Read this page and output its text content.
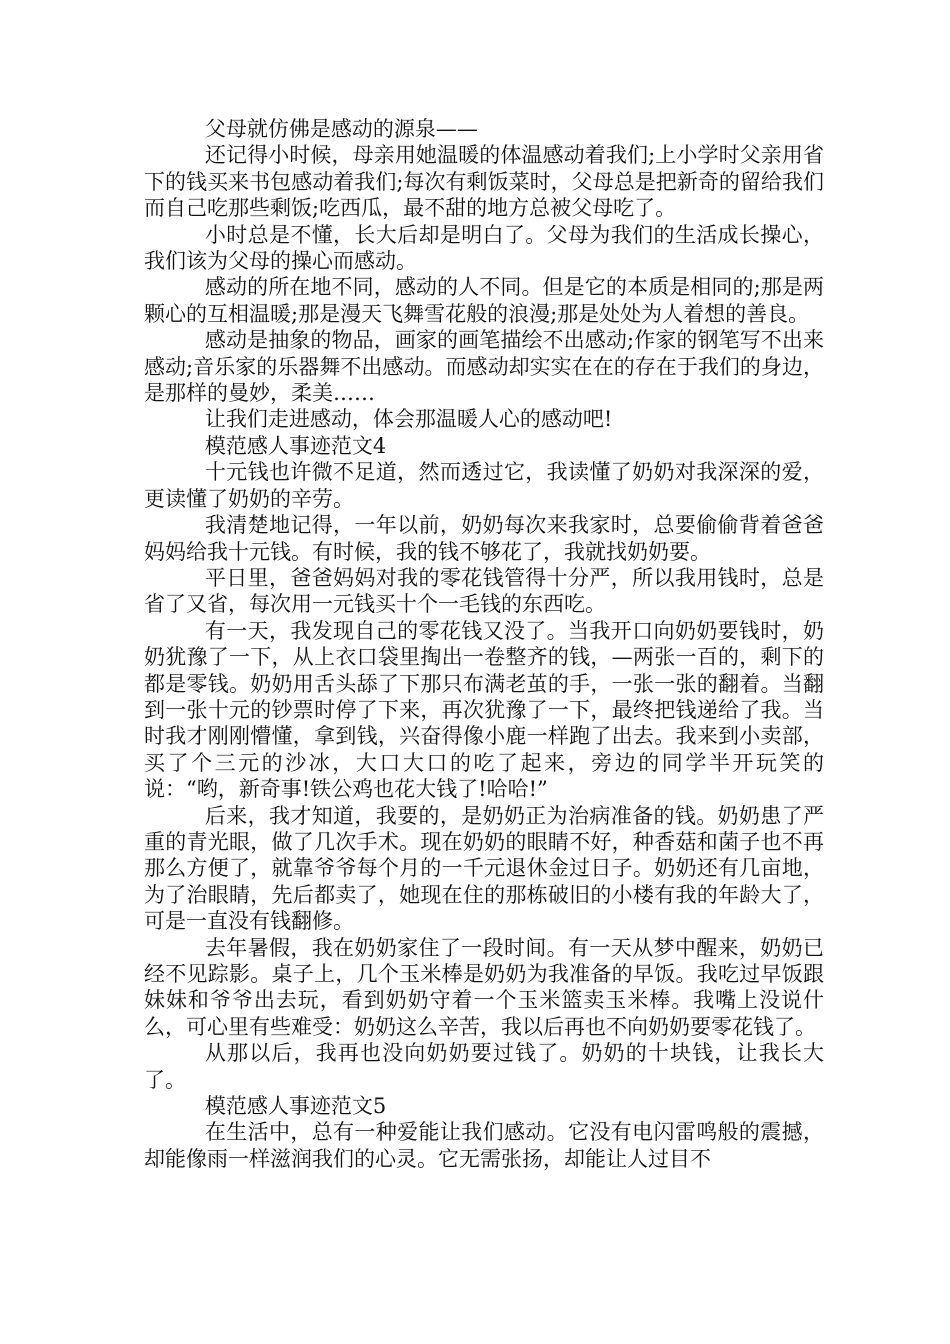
父母就仿佛是感动的源泉——

还记得小时候，母亲用她温暖的体温感动着我们;上小学时父亲用省下的钱买来书包感动着我们;每次有剩饭菜时，父母总是把新奇的留给我们而自己吃那些剩饭;吃西瓜，最不甜的地方总被父母吃了。

小时总是不懂，长大后却是明白了。父母为我们的生活成长操心，我们该为父母的操心而感动。

感动的所在地不同，感动的人不同。但是它的本质是相同的;那是两颗心的互相温暖;那是漫天飞舞雪花般的浪漫;那是处处为人着想的善良。

感动是抽象的物品，画家的画笔描绘不出感动;作家的钢笔写不出来感动;音乐家的乐器舞不出感动。而感动却实实在在的存在于我们的身边，是那样的曼妙，柔美……

让我们走进感动，体会那温暖人心的感动吧!

模范感人事迹范文4

十元钱也许微不足道，然而透过它，我读懂了奶奶对我深深的爱，更读懂了奶奶的辛劳。

我清楚地记得，一年以前，奶奶每次来我家时，总要偷偷背着爸爸妈妈给我十元钱。有时候，我的钱不够花了，我就找奶奶要。

平日里，爸爸妈妈对我的零花钱管得十分严，所以我用钱时，总是省了又省，每次用一元钱买十个一毛钱的东西吃。

有一天，我发现自己的零花钱又没了。当我开口向奶奶要钱时，奶奶犹豫了一下，从上衣口袋里掏出一卷整齐的钱，—两张一百的，剩下的都是零钱。奶奶用舌头舔了下那只布满老茧的手，一张一张的翻着。当翻到一张十元的钞票时停了下来，再次犹豫了一下，最终把钱递给了我。当时我才刚刚懵懂，拿到钱，兴奋得像小鹿一样跑了出去。我来到小卖部，买了个三元的沙冰，大口大口的吃了起来，旁边的同学半开玩笑的说：“哟，新奇事!铁公鸡也花大钱了!哈哈!”

后来，我才知道，我要的，是奶奶正为治病准备的钱。奶奶患了严重的青光眼，做了几次手术。现在奶奶的眼睛不好，种香菇和菌子也不再那么方便了，就靠爷爷每个月的一千元退休金过日子。奶奶还有几亩地，为了治眼睛，先后都卖了，她现在住的那栋破旧的小楼有我的年龄大了，可是一直没有钱翻修。

去年暑假，我在奶奶家住了一段时间。有一天从梦中醒来，奶奶已经不见踪影。桌子上，几个玉米棒是奶奶为我准备的早饭。我吃过早饭跟妹妹和爷爷出去玩，看到奶奶守着一个玉米篮卖玉米棒。我嘴上没说什么，可心里有些难受：奶奶这么辛苦，我以后再也不向奶奶要零花钱了。

从那以后，我再也没向奶奶要过钱了。奶奶的十块钱，让我长大了。

模范感人事迹范文5

在生活中，总有一种爱能让我们感动。它没有电闪雷鸣般的震撼，却能像雨一样滋润我们的心灵。它无需张扬，却能让人过目不
